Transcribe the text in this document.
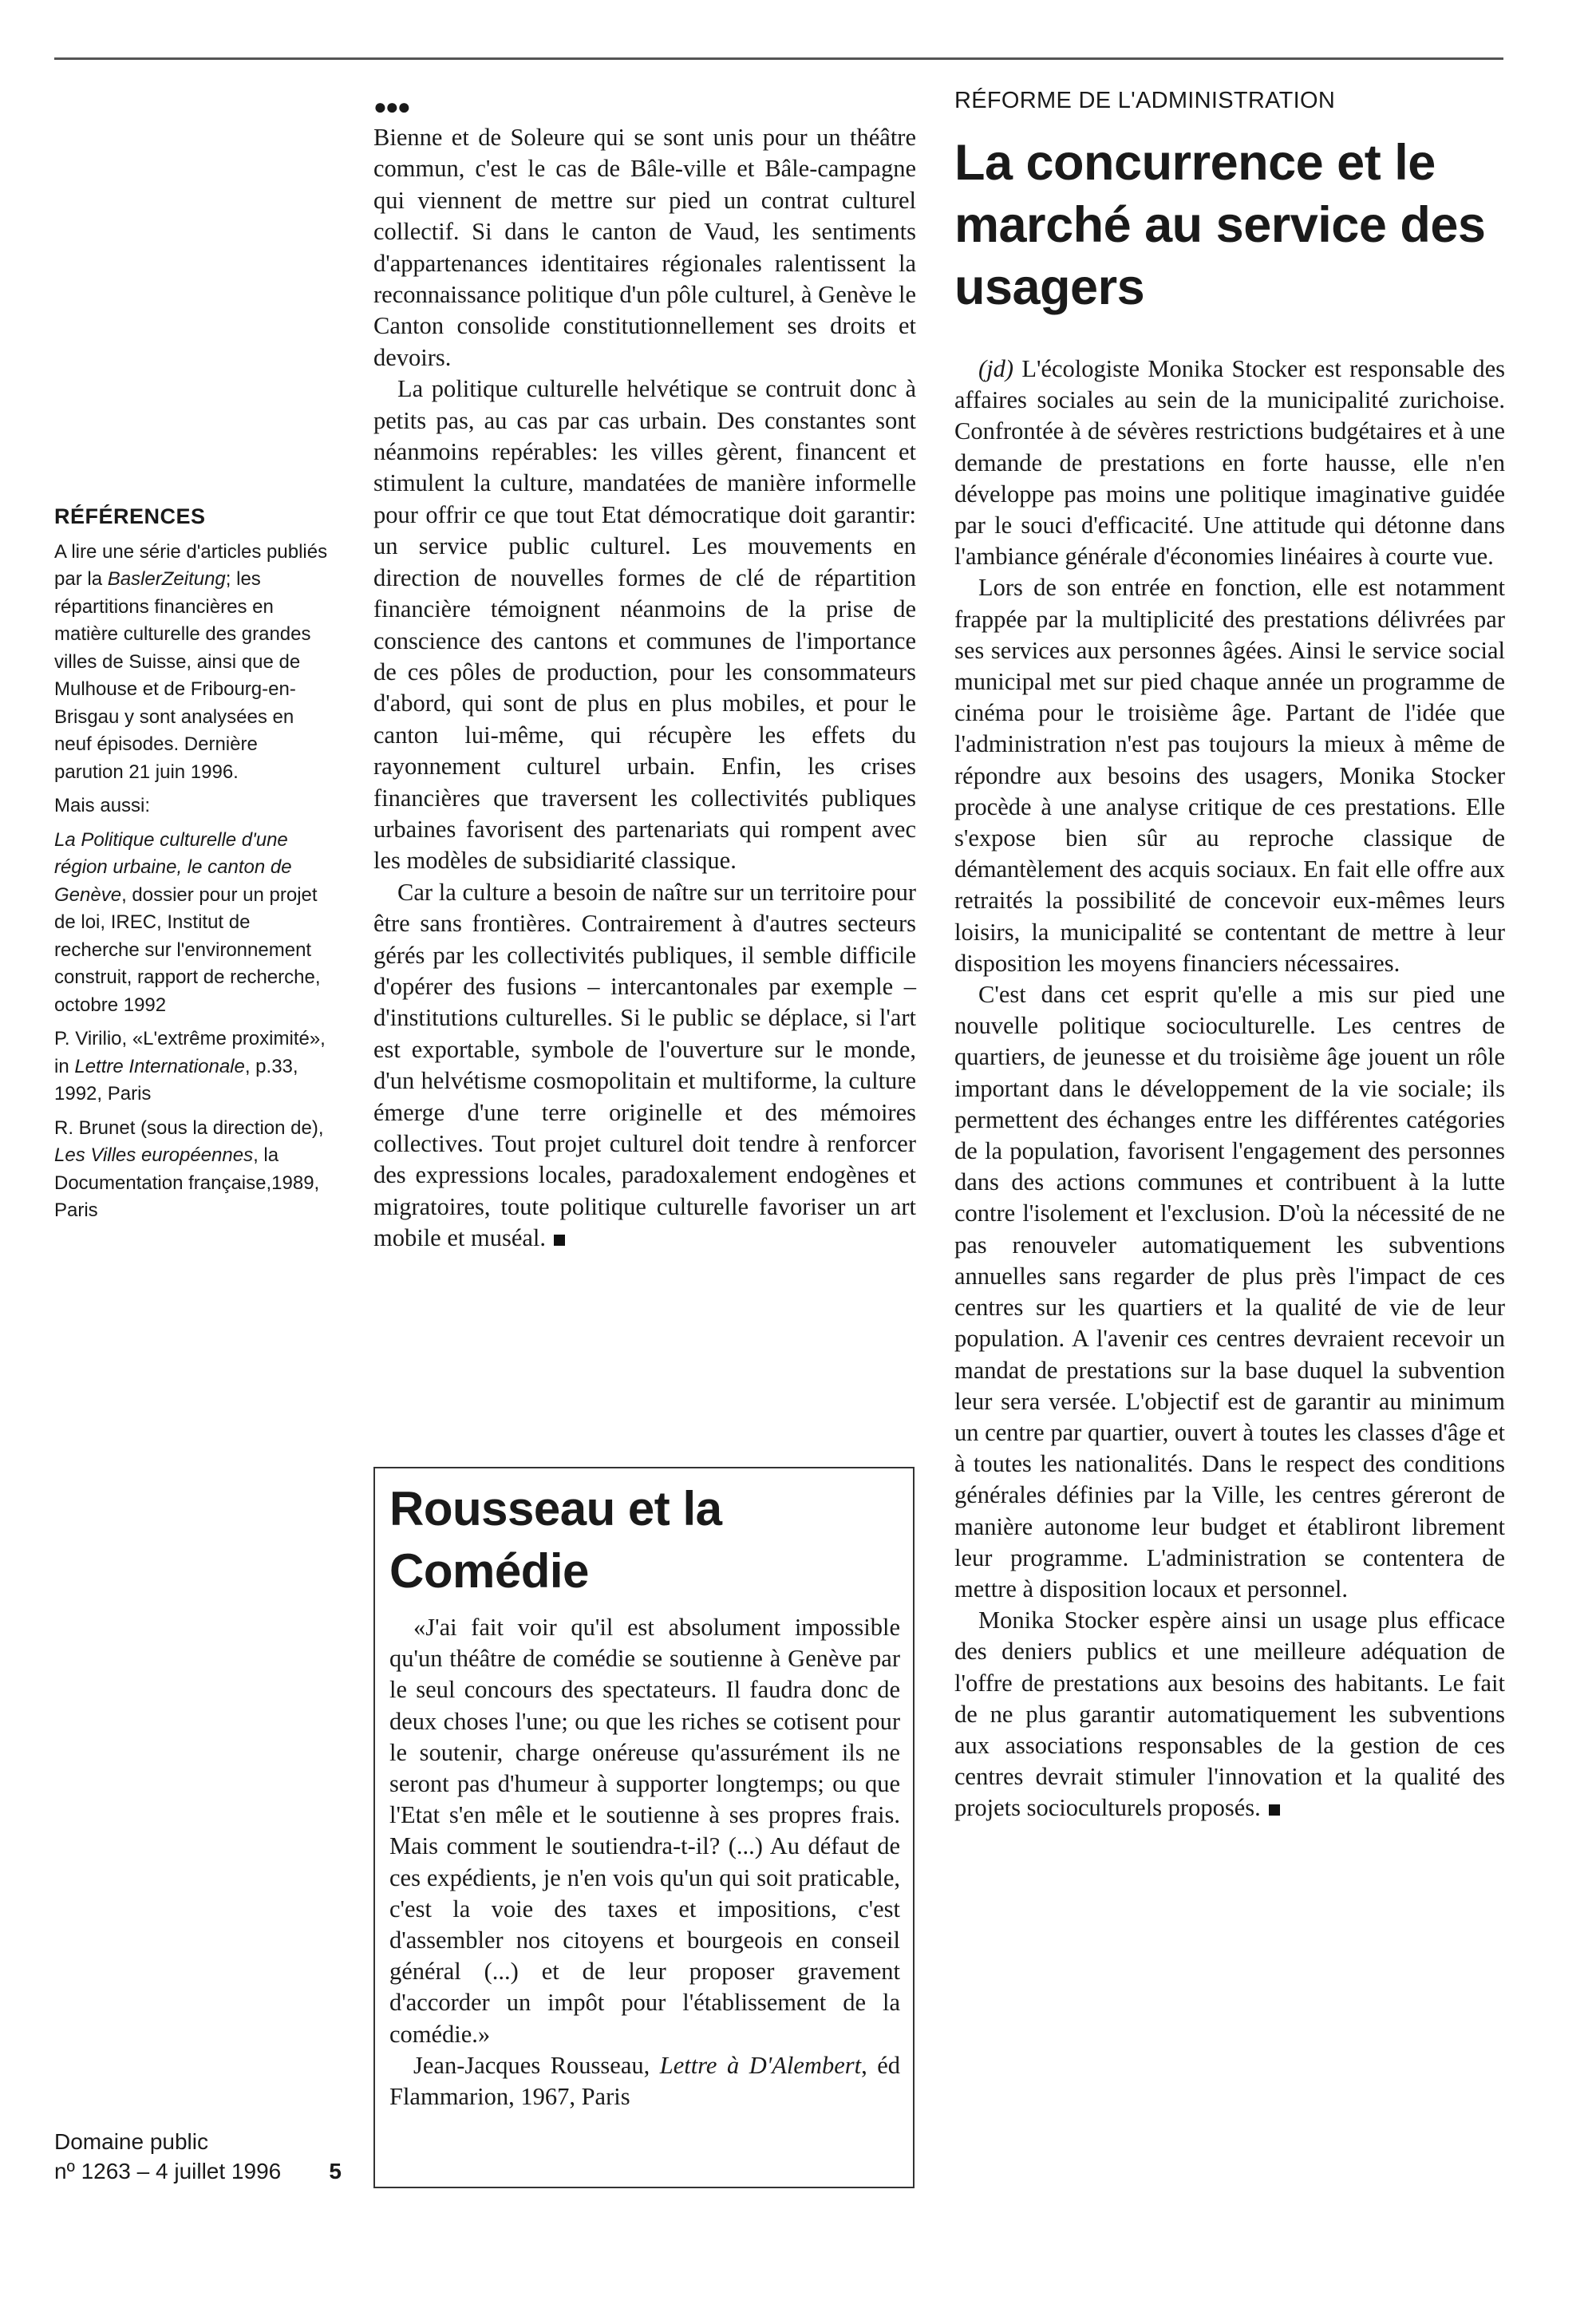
RÉFÉRENCES

A lire une série d'articles publiés par la BaslerZeitung; les répartitions financières en matière culturelle des grandes villes de Suisse, ainsi que de Mulhouse et de Fribourg-en-Brisgau y sont analysées en neuf épisodes. Dernière parution 21 juin 1996.

Mais aussi:

La Politique culturelle d'une région urbaine, le canton de Genève, dossier pour un projet de loi, IREC, Institut de recherche sur l'environnement construit, rapport de recherche, octobre 1992

P. Virilio, «L'extrême proximité», in Lettre Internationale, p.33, 1992, Paris

R. Brunet (sous la direction de), Les Villes européennes, la Documentation française,1989, Paris

Domaine public
nº 1263 – 4 juillet 1996 5
●●●

Bienne et de Soleure qui se sont unis pour un théâtre commun, c'est le cas de Bâle-ville et Bâle-campagne qui viennent de mettre sur pied un contrat culturel collectif. Si dans le canton de Vaud, les sentiments d'appartenances identitaires régionales ralentissent la reconnaissance politique d'un pôle culturel, à Genève le Canton consolide constitutionnellement ses droits et devoirs.

La politique culturelle helvétique se contruit donc à petits pas, au cas par cas urbain. Des constantes sont néanmoins repérables: les villes gèrent, financent et stimulent la culture, mandatées de manière informelle pour offrir ce que tout Etat démocratique doit garantir: un service public culturel. Les mouvements en direction de nouvelles formes de clé de répartition financière témoignent néanmoins de la prise de conscience des cantons et communes de l'importance de ces pôles de production, pour les consommateurs d'abord, qui sont de plus en plus mobiles, et pour le canton lui-même, qui récupère les effets du rayonnement culturel urbain. Enfin, les crises financières que traversent les collectivités publiques urbaines favorisent des partenariats qui rompent avec les modèles de subsidiarité classique.

Car la culture a besoin de naître sur un territoire pour être sans frontières. Contrairement à d'autres secteurs gérés par les collectivités publiques, il semble difficile d'opérer des fusions – intercantonales par exemple – d'institutions culturelles. Si le public se déplace, si l'art est exportable, symbole de l'ouverture sur le monde, d'un helvétisme cosmopolitain et multiforme, la culture émerge d'une terre originelle et des mémoires collectives. Tout projet culturel doit tendre à renforcer des expressions locales, paradoxalement endogènes et migratoires, toute politique culturelle favoriser un art mobile et muséal.

Rousseau et la Comédie

«J'ai fait voir qu'il est absolument impossible qu'un théâtre de comédie se soutienne à Genève par le seul concours des spectateurs. Il faudra donc de deux choses l'une; ou que les riches se cotisent pour le soutenir, charge onéreuse qu'assurément ils ne seront pas d'humeur à supporter longtemps; ou que l'Etat s'en mêle et le soutienne à ses propres frais. Mais comment le soutiendra-t-il? (...) Au défaut de ces expédients, je n'en vois qu'un qui soit praticable, c'est la voie des taxes et impositions, c'est d'assembler nos citoyens et bourgeois en conseil général (...) et de leur proposer gravement d'accorder un impôt pour l'établissement de la comédie.»

Jean-Jacques Rousseau, Lettre à D'Alembert, éd Flammarion, 1967, Paris

RÉFORME DE L'ADMINISTRATION
La concurrence et le marché au service des usagers

(jd) L'écologiste Monika Stocker est responsable des affaires sociales au sein de la municipalité zurichoise. Confrontée à de sévères restrictions budgétaires et à une demande de prestations en forte hausse, elle n'en développe pas moins une politique imaginative guidée par le souci d'efficacité. Une attitude qui détonne dans l'ambiance générale d'économies linéaires à courte vue.

Lors de son entrée en fonction, elle est notamment frappée par la multiplicité des prestations délivrées par ses services aux personnes âgées. Ainsi le service social municipal met sur pied chaque année un programme de cinéma pour le troisième âge. Partant de l'idée que l'administration n'est pas toujours la mieux à même de répondre aux besoins des usagers, Monika Stocker procède à une analyse critique de ces prestations. Elle s'expose bien sûr au reproche classique de démantèlement des acquis sociaux. En fait elle offre aux retraités la possibilité de concevoir eux-mêmes leurs loisirs, la municipalité se contentant de mettre à leur disposition les moyens financiers nécessaires.

C'est dans cet esprit qu'elle a mis sur pied une nouvelle politique socioculturelle. Les centres de quartiers, de jeunesse et du troisième âge jouent un rôle important dans le développement de la vie sociale; ils permettent des échanges entre les différentes catégories de la population, favorisent l'engagement des personnes dans des actions communes et contribuent à la lutte contre l'isolement et l'exclusion. D'où la nécessité de ne pas renouveler automatiquement les subventions annuelles sans regarder de plus près l'impact de ces centres sur les quartiers et la qualité de vie de leur population. A l'avenir ces centres devraient recevoir un mandat de prestations sur la base duquel la subvention leur sera versée. L'objectif est de garantir au minimum un centre par quartier, ouvert à toutes les classes d'âge et à toutes les nationalités. Dans le respect des conditions générales définies par la Ville, les centres géreront de manière autonome leur budget et établiront librement leur programme. L'administration se contentera de mettre à disposition locaux et personnel.

Monika Stocker espère ainsi un usage plus efficace des deniers publics et une meilleure adéquation de l'offre de prestations aux besoins des habitants. Le fait de ne plus garantir automatiquement les subventions aux associations responsables de la gestion de ces centres devrait stimuler l'innovation et la qualité des projets socioculturels proposés.
